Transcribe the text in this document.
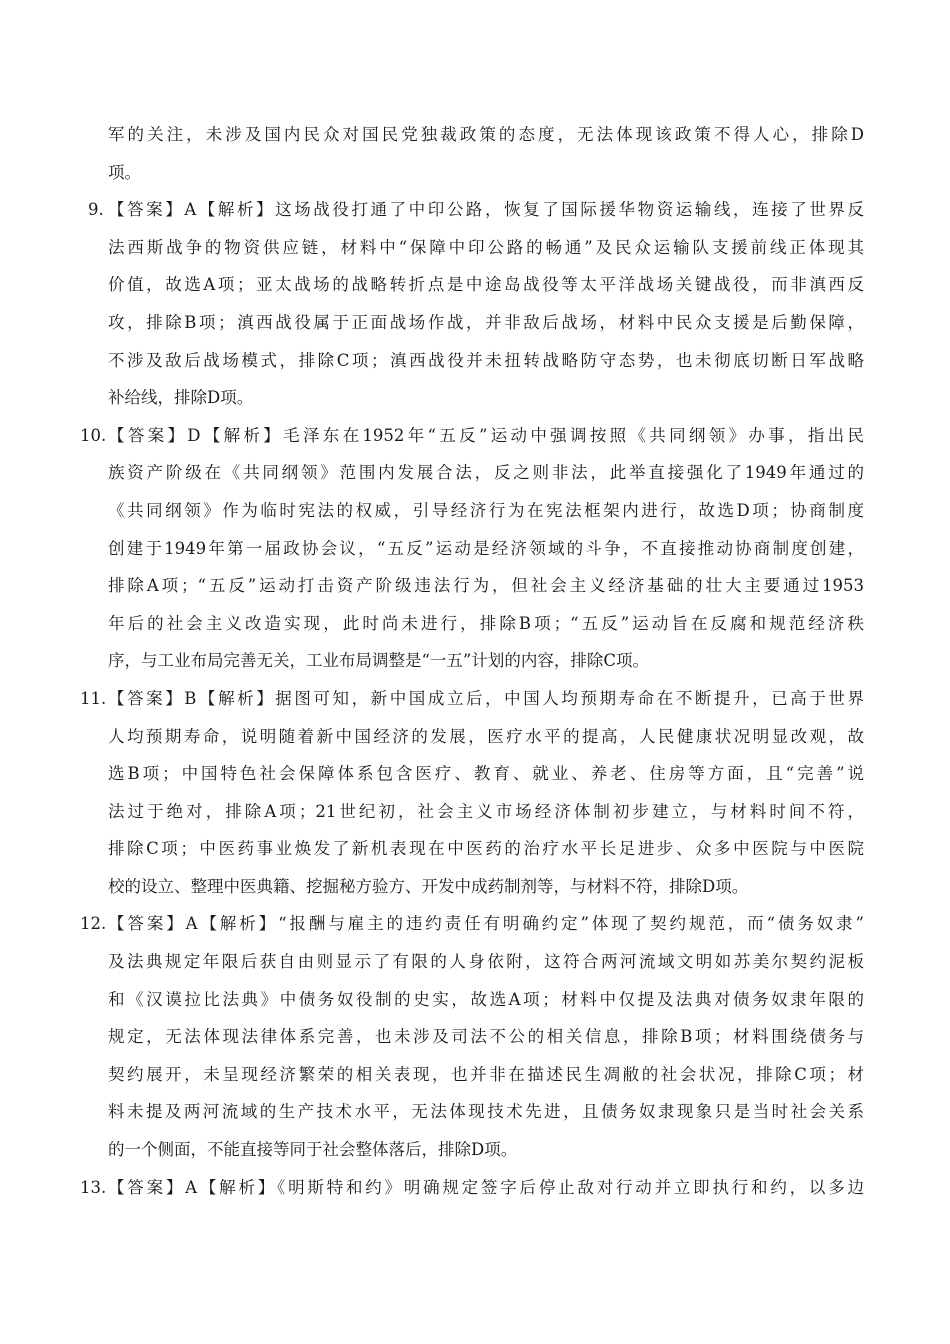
军的关注，未涉及国内民众对国民党独裁政策的态度，无法体现该政策不得人心，排除D
项。
9. 【答案】A【解析】这场战役打通了中印公路，恢复了国际援华物资运输线，连接了世界反
法西斯战争的物资供应链，材料中“保障中印公路的畅通”及民众运输队支援前线正体现其
价值，故选A项；亚太战场的战略转折点是中途岛战役等太平洋战场关键战役，而非滇西反
攻，排除B项；滇西战役属于正面战场作战，并非敌后战场，材料中民众支援是后勤保障，
不涉及敌后战场模式，排除C项；滇西战役并未扭转战略防守态势，也未彻底切断日军战略
补给线，排除D项。
10. 【答案】D【解析】毛泽东在1952年“五反”运动中强调按照《共同纲领》办事，指出民
族资产阶级在《共同纲领》范围内发展合法，反之则非法，此举直接强化了1949年通过的
《共同纲领》作为临时宪法的权威，引导经济行为在宪法框架内进行，故选D项；协商制度
创建于1949年第一届政协会议，“五反”运动是经济领域的斗争，不直接推动协商制度创建，
排除A项；“五反”运动打击资产阶级违法行为，但社会主义经济基础的壮大主要通过1953
年后的社会主义改造实现，此时尚未进行，排除B项；“五反”运动旨在反腐和规范经济秩
序，与工业布局完善无关，工业布局调整是“一五”计划的内容，排除C项。
11. 【答案】B【解析】据图可知，新中国成立后，中国人均预期寿命在不断提升，已高于世界
人均预期寿命，说明随着新中国经济的发展，医疗水平的提高，人民健康状况明显改观，故
选B项；中国特色社会保障体系包含医疗、教育、就业、养老、住房等方面，且“完善”说
法过于绝对，排除A项；21世纪初，社会主义市场经济体制初步建立，与材料时间不符，
排除C项；中医药事业焕发了新机表现在中医药的治疗水平长足进步、众多中医院与中医院
校的设立、整理中医典籍、挖掘秘方验方、开发中成药制剂等，与材料不符，排除D项。
12. 【答案】A【解析】“报酬与雇主的违约责任有明确约定”体现了契约规范，而“债务奴隶”
及法典规定年限后获自由则显示了有限的人身依附，这符合两河流域文明如苏美尔契约泥板
和《汉谟拉比法典》中债务奴役制的史实，故选A项；材料中仅提及法典对债务奴隶年限的
规定，无法体现法律体系完善，也未涉及司法不公的相关信息，排除B项；材料围绕债务与
契约展开，未呈现经济繁荣的相关表现，也并非在描述民生凋敝的社会状况，排除C项；材
料未提及两河流域的生产技术水平，无法体现技术先进，且债务奴隶现象只是当时社会关系
的一个侧面，不能直接等同于社会整体落后，排除D项。
13. 【答案】A【解析】《明斯特和约》明确规定签字后停止敌对行动并立即执行和约，以多边
